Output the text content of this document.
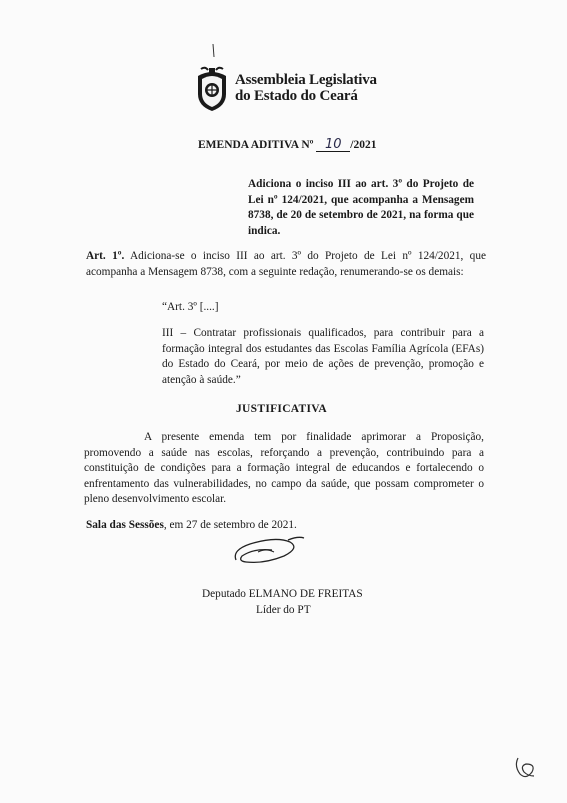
Assembleia Legislativa
do Estado do Ceará
EMENDA ADITIVA Nº 10 /2021
Adiciona o inciso III ao art. 3º do Projeto de Lei nº 124/2021, que acompanha a Mensagem 8738, de 20 de setembro de 2021, na forma que indica.
Art. 1º. Adiciona-se o inciso III ao art. 3º do Projeto de Lei nº 124/2021, que acompanha a Mensagem 8738, com a seguinte redação, renumerando-se os demais:
“Art. 3º [....]
III – Contratar profissionais qualificados, para contribuir para a formação integral dos estudantes das Escolas Família Agrícola (EFAs) do Estado do Ceará, por meio de ações de prevenção, promoção e atenção à saúde.”
JUSTIFICATIVA
A presente emenda tem por finalidade aprimorar a Proposição, promovendo a saúde nas escolas, reforçando a prevenção, contribuindo para a constituição de condições para a formação integral de educandos e fortalecendo o enfrentamento das vulnerabilidades, no campo da saúde, que possam comprometer o pleno desenvolvimento escolar.
Sala das Sessões, em 27 de setembro de 2021.
Deputado ELMANO DE FREITAS
Líder do PT
